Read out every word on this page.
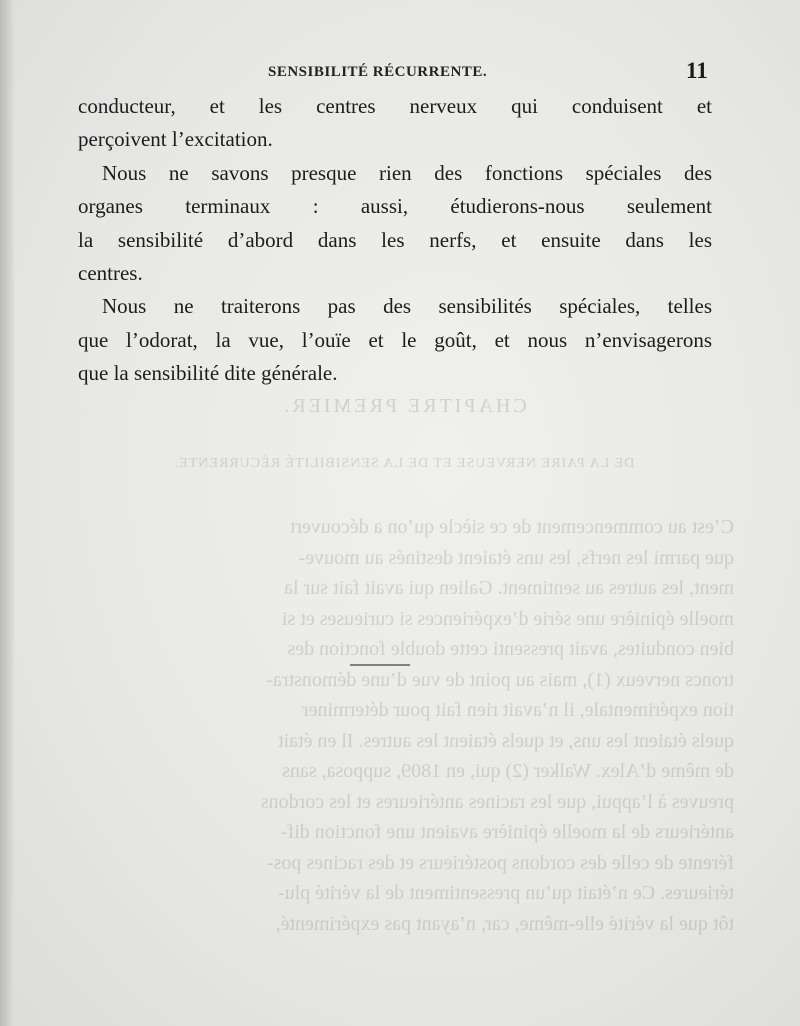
SENSIBILITÉ RÉCURRENTE.	11
CHAPITRE PREMIER.
DE LA PAIRE NERVEUSE ET DE LA SENSIBILITÉ RÉCURRENTE.
C’est au commencement de ce siècle qu’on a découvert
que parmi les nerfs, les uns étaient destinés au mouve-
ment, les autres au sentiment. Galien qui avait fait sur la
moelle épinière une série d’expériences si curieuses et si
bien conduites, avait pressenti cette double fonction des
troncs nerveux (1), mais au point de vue d’une démonstra-
tion expérimentale, il n’avait rien fait pour déterminer
quels étaient les uns, et quels étaient les autres. Il en était
de même d’Alex. Walker (2) qui, en 1809, supposa, sans
preuves à l’appui, que les racines antérieures et les cordons
antérieurs de la moelle épinière avaient une fonction dif-
férente de celle des cordons postérieurs et des racines pos-
térieures. Ce n’était qu’un pressentiment de la vérité plu-
tôt que la vérité elle-même, car, n’ayant pas expérimenté,

conducteur, et les centres nerveux qui conduisent et
perçoivent l’excitation.

Nous ne savons presque rien des fonctions spéciales des
organes terminaux : aussi, étudierons-nous seulement
la sensibilité d’abord dans les nerfs, et ensuite dans les
centres.

Nous ne traiterons pas des sensibilités spéciales, telles
que l’odorat, la vue, l’ouïe et le goût, et nous n’envisagerons
que la sensibilité dite générale.
